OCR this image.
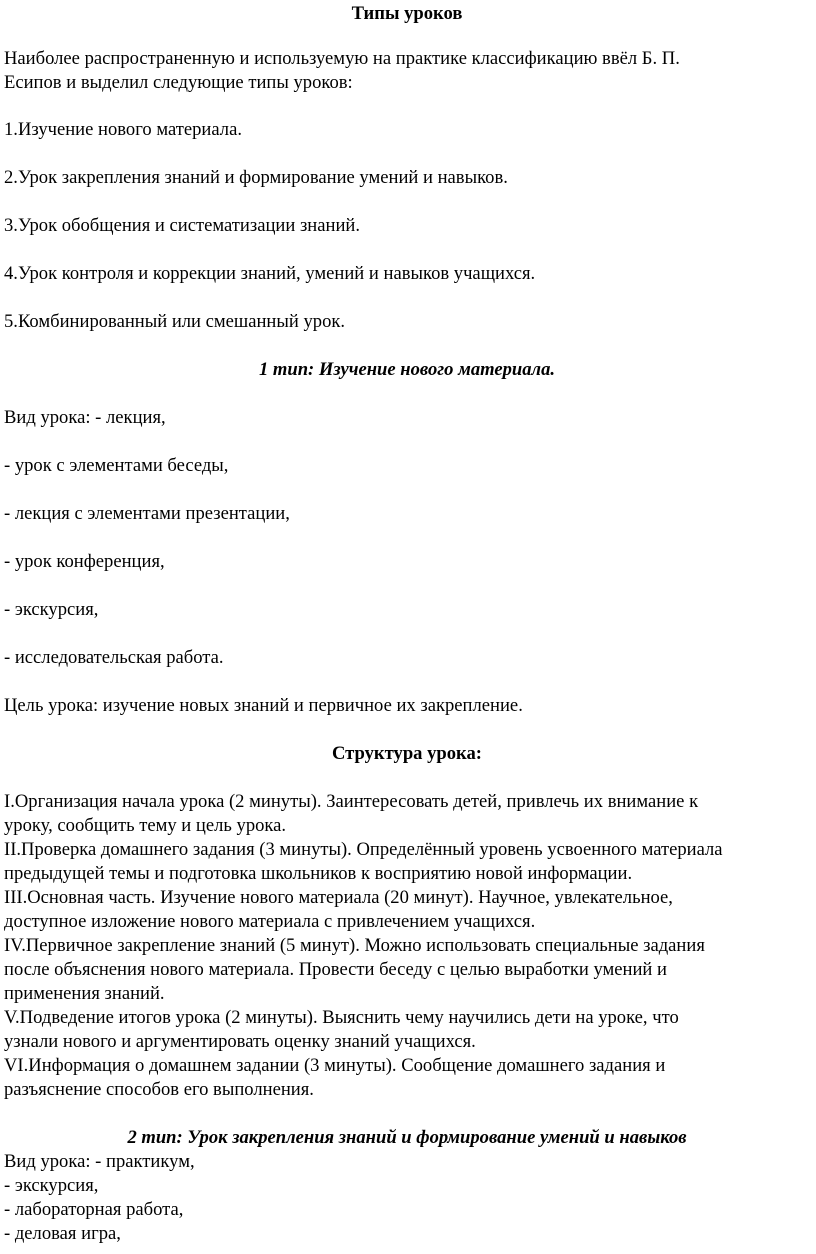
Типы уроков
Наиболее распространенную и используемую на практике классификацию ввёл Б. П.
Есипов и выделил следующие типы уроков:
1.Изучение нового материала.
2.Урок закрепления знаний и формирование умений и навыков.
3.Урок обобщения и систематизации знаний.
4.Урок контроля и коррекции знаний, умений и навыков учащихся.
5.Комбинированный или смешанный урок.
1 тип: Изучение нового материала.
Вид урока: - лекция,
- урок с элементами беседы,
- лекция с элементами презентации,
- урок конференция,
- экскурсия,
- исследовательская работа.
Цель урока: изучение новых знаний и первичное их закрепление.
Структура урока:
I.Организация начала урока (2 минуты). Заинтересовать детей, привлечь их внимание к
уроку, сообщить тему и цель урока.
II.Проверка домашнего задания (3 минуты). Определённый уровень усвоенного материала
предыдущей темы и подготовка школьников к восприятию новой информации.
III.Основная часть. Изучение нового материала (20 минут). Научное, увлекательное,
доступное изложение нового материала с привлечением учащихся.
IV.Первичное закрепление знаний (5 минут). Можно использовать специальные задания
после объяснения нового материала. Провести беседу с целью выработки умений и
применения знаний.
V.Подведение итогов урока (2 минуты). Выяснить чему научились дети на уроке, что
узнали нового и аргументировать оценку знаний учащихся.
VI.Информация о домашнем задании (3 минуты). Сообщение домашнего задания и
разъяснение способов его выполнения.
2 тип: Урок закрепления знаний и формирование умений и навыков
Вид урока: - практикум,
- экскурсия,
- лабораторная работа,
- деловая игра,
